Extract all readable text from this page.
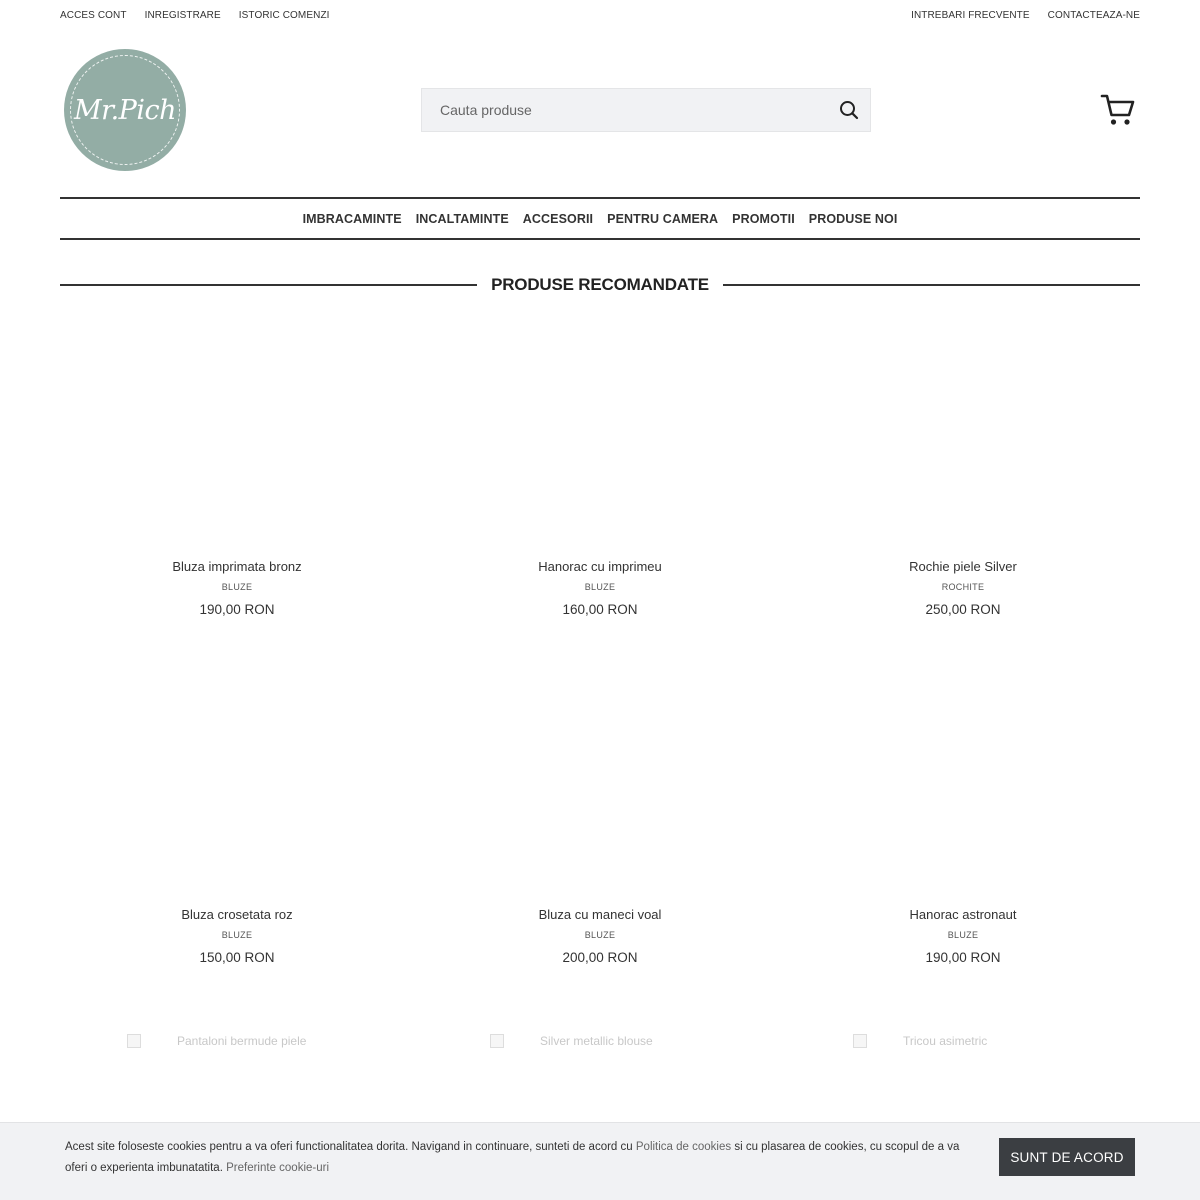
ACCES CONT INREGISTRARE ISTORIC COMENZI	INTREBARI FRECVENTE CONTACTEAZA-NE
Mr.Pich
Cauta produse
IMBRACAMINTE INCALTAMINTE ACCESORII PENTRU CAMERA PROMOTII PRODUSE NOI
PRODUSE RECOMANDATE
Bluza imprimata bronz
BLUZE
190,00 RON
Hanorac cu imprimeu
BLUZE
160,00 RON
Rochie piele Silver
ROCHITE
250,00 RON
Bluza crosetata roz
BLUZE
150,00 RON
Bluza cu maneci voal
BLUZE
200,00 RON
Hanorac astronaut
BLUZE
190,00 RON
Pantaloni bermude piele	Silver metallic blouse	Tricou asimetric
Acest site foloseste cookies pentru a va oferi functionalitatea dorita. Navigand in continuare, sunteti de acord cu Politica de cookies si cu plasarea de cookies, cu scopul de a va oferi o experienta imbunatatita. Preferinte cookie-uri
SUNT DE ACORD
